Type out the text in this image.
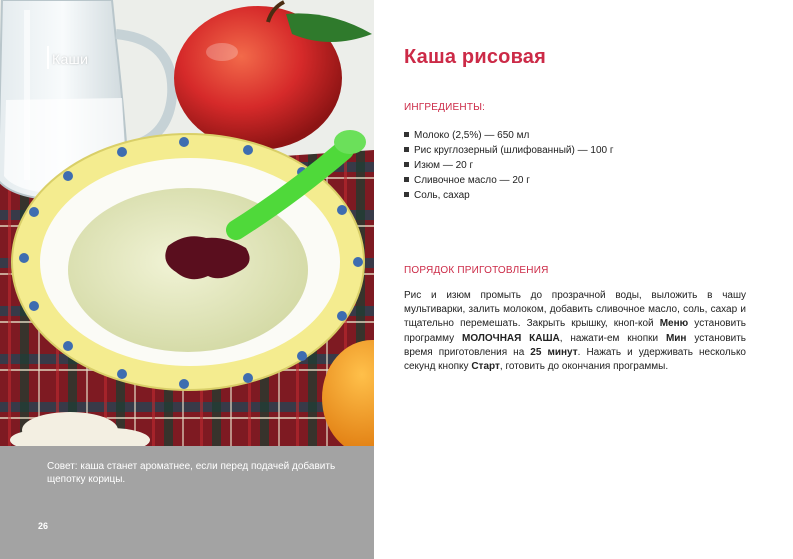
Каши
Совет: каша станет ароматнее, если перед подачей добавить щепотку корицы.
26
Каша рисовая
ИНГРЕДИЕНТЫ:
Молоко (2,5%) — 650 мл
Рис круглозерный (шлифованный) — 100 г
Изюм — 20 г
Сливочное масло — 20 г
Соль, сахар
ПОРЯДОК ПРИГОТОВЛЕНИЯ

Рис и изюм промыть до прозрачной воды, выложить в чашу мультиварки, залить молоком, добавить сливочное масло, соль, сахар и тщательно перемешать. Закрыть крышку, кноп-кой Меню установить программу МОЛОЧНАЯ КАША, нажати-ем кнопки Мин установить время приготовления на 25 минут. Нажать и удерживать несколько секунд кнопку Старт, готовить до окончания программы.
